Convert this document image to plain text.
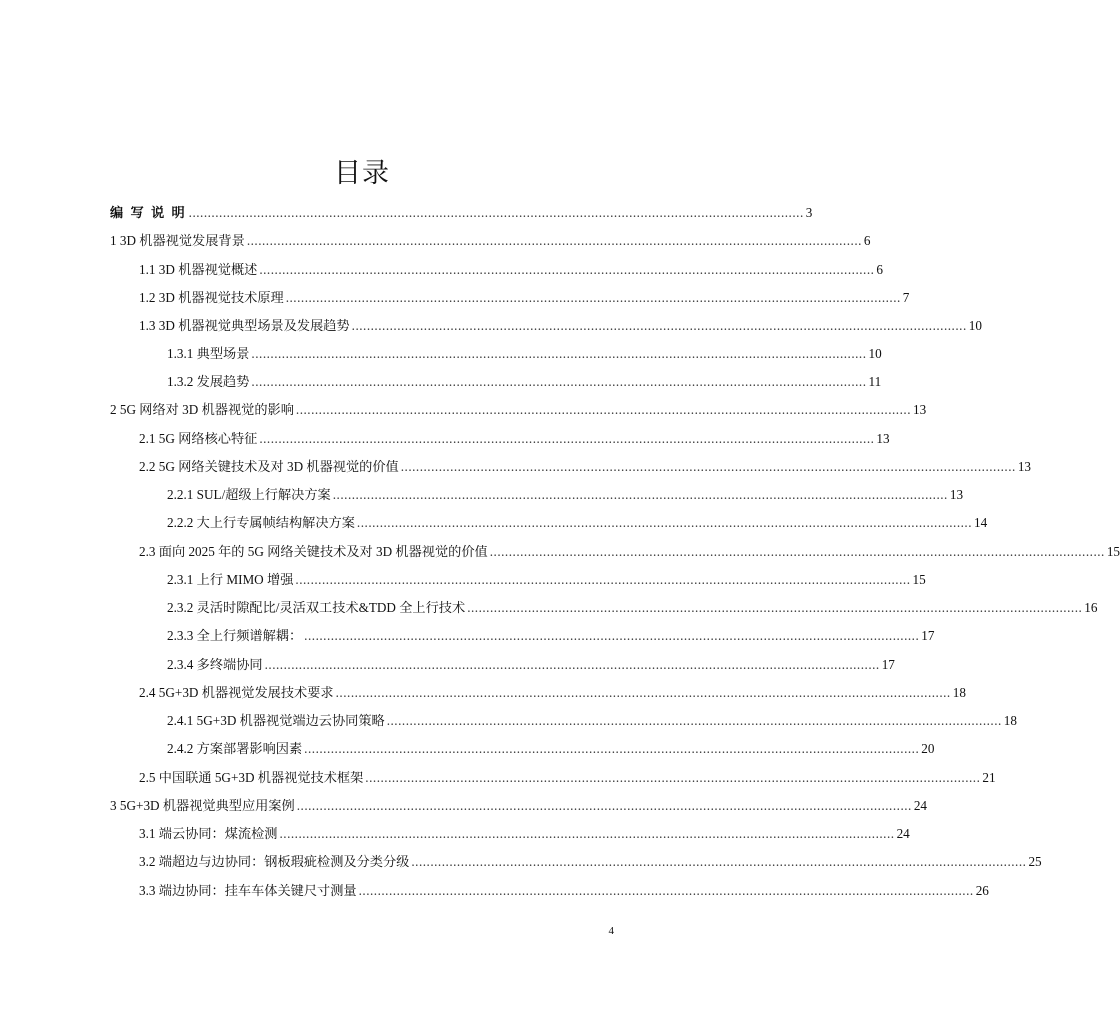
目录
编 写 说 明 .................................................................................................................................................................. 3
1 3D 机器视觉发展背景 .................................................................................................................................................................. 6
1.1 3D 机器视觉概述 .................................................................................................................................................................. 6
1.2 3D 机器视觉技术原理 .................................................................................................................................................................. 7
1.3 3D 机器视觉典型场景及发展趋势 .................................................................................................................................................................. 10
1.3.1 典型场景 .................................................................................................................................................................. 10
1.3.2 发展趋势 .................................................................................................................................................................. 11
2 5G 网络对 3D 机器视觉的影响 .................................................................................................................................................................. 13
2.1 5G 网络核心特征 .................................................................................................................................................................. 13
2.2 5G 网络关键技术及对 3D 机器视觉的价值 .................................................................................................................................................................. 13
2.2.1 SUL/超级上行解决方案 .................................................................................................................................................................. 13
2.2.2 大上行专属帧结构解决方案 .................................................................................................................................................................. 14
2.3 面向 2025 年的 5G 网络关键技术及对 3D 机器视觉的价值 .................................................................................................................................................................. 15
2.3.1 上行 MIMO 增强 .................................................................................................................................................................. 15
2.3.2 灵活时隙配比/灵活双工技术&TDD 全上行技术 .................................................................................................................................................................. 16
2.3.3 全上行频谱解耦： .................................................................................................................................................................. 17
2.3.4 多终端协同 .................................................................................................................................................................. 17
2.4 5G+3D 机器视觉发展技术要求 .................................................................................................................................................................. 18
2.4.1 5G+3D 机器视觉端边云协同策略 .................................................................................................................................................................. 18
2.4.2 方案部署影响因素 .................................................................................................................................................................. 20
2.5 中国联通 5G+3D 机器视觉技术框架 .................................................................................................................................................................. 21
3 5G+3D 机器视觉典型应用案例 .................................................................................................................................................................. 24
3.1 端云协同：煤流检测 .................................................................................................................................................................. 24
3.2 端超边与边协同：钢板瑕疵检测及分类分级 .................................................................................................................................................................. 25
3.3 端边协同：挂车车体关键尺寸测量 .................................................................................................................................................................. 26
4
